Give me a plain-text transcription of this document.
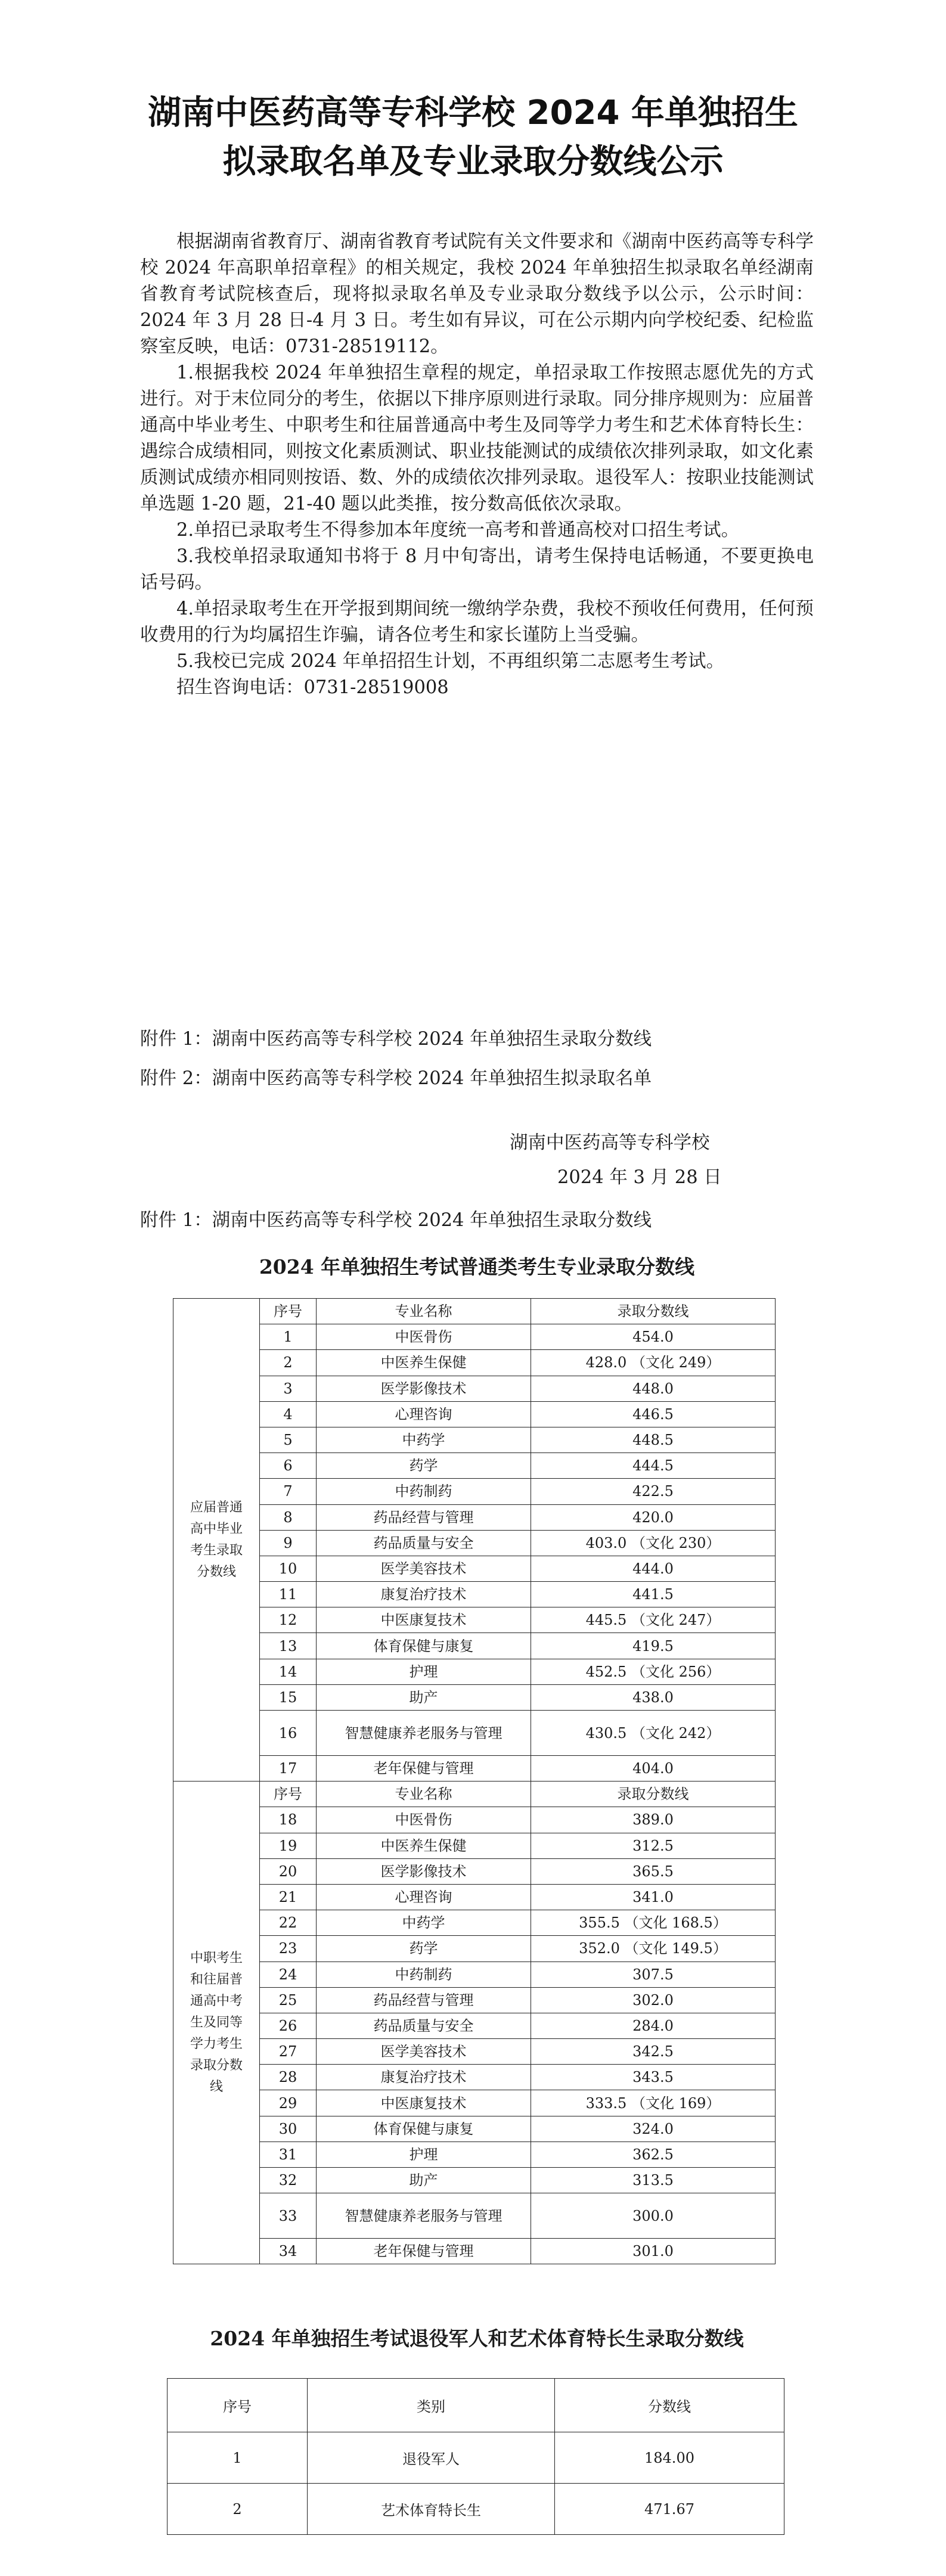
湖南中医药高等专科学校 2024 年单独招生
拟录取名单及专业录取分数线公示

根据湖南省教育厅、湖南省教育考试院有关文件要求和《湖南中医药高等专科学校 2024 年高职单招章程》的相关规定，我校 2024 年单独招生拟录取名单经湖南省教育考试院核查后，现将拟录取名单及专业录取分数线予以公示，公示时间：2024 年 3 月 28 日-4 月 3 日。考生如有异议，可在公示期内向学校纪委、纪检监察室反映，电话：0731-28519112。

1.根据我校 2024 年单独招生章程的规定，单招录取工作按照志愿优先的方式进行。对于末位同分的考生，依据以下排序原则进行录取。同分排序规则为：应届普通高中毕业考生、中职考生和往届普通高中考生及同等学力考生和艺术体育特长生：遇综合成绩相同，则按文化素质测试、职业技能测试的成绩依次排列录取，如文化素质测试成绩亦相同则按语、数、外的成绩依次排列录取。退役军人：按职业技能测试单选题 1-20 题，21-40 题以此类推，按分数高低依次录取。

2.单招已录取考生不得参加本年度统一高考和普通高校对口招生考试。

3.我校单招录取通知书将于 8 月中旬寄出，请考生保持电话畅通，不要更换电话号码。

4.单招录取考生在开学报到期间统一缴纳学杂费，我校不预收任何费用，任何预收费用的行为均属招生诈骗，请各位考生和家长谨防上当受骗。

5.我校已完成 2024 年单招招生计划，不再组织第二志愿考生考试。

招生咨询电话：0731-28519008

附件 1：湖南中医药高等专科学校 2024 年单独招生录取分数线
附件 2：湖南中医药高等专科学校 2024 年单独招生拟录取名单
湖南中医药高等专科学校
2024 年 3 月 28 日
附件 1：湖南中医药高等专科学校 2024 年单独招生录取分数线
2024 年单独招生考试普通类考生专业录取分数线
应届普通高中毕业考生录取分数线	序号	专业名称	录取分数线
	1	中医骨伤	454.0
	2	中医养生保健	428.0 （文化 249）
	3	医学影像技术	448.0
	4	心理咨询	446.5
	5	中药学	448.5
	6	药学	444.5
	7	中药制药	422.5
	8	药品经营与管理	420.0
	9	药品质量与安全	403.0 （文化 230）
	10	医学美容技术	444.0
	11	康复治疗技术	441.5
	12	中医康复技术	445.5 （文化 247）
	13	体育保健与康复	419.5
	14	护理	452.5 （文化 256）
	15	助产	438.0
	16	智慧健康养老服务与管理	430.5 （文化 242）
	17	老年保健与管理	404.0
中职考生和往届普通高中考生及同等学力考生录取分数线	序号	专业名称	录取分数线
	18	中医骨伤	389.0
	19	中医养生保健	312.5
	20	医学影像技术	365.5
	21	心理咨询	341.0
	22	中药学	355.5 （文化 168.5）
	23	药学	352.0 （文化 149.5）
	24	中药制药	307.5
	25	药品经营与管理	302.0
	26	药品质量与安全	284.0
	27	医学美容技术	342.5
	28	康复治疗技术	343.5
	29	中医康复技术	333.5 （文化 169）
	30	体育保健与康复	324.0
	31	护理	362.5
	32	助产	313.5
	33	智慧健康养老服务与管理	300.0
	34	老年保健与管理	301.0
2024 年单独招生考试退役军人和艺术体育特长生录取分数线
序号	类别	分数线
1	退役军人	184.00
2	艺术体育特长生	471.67
